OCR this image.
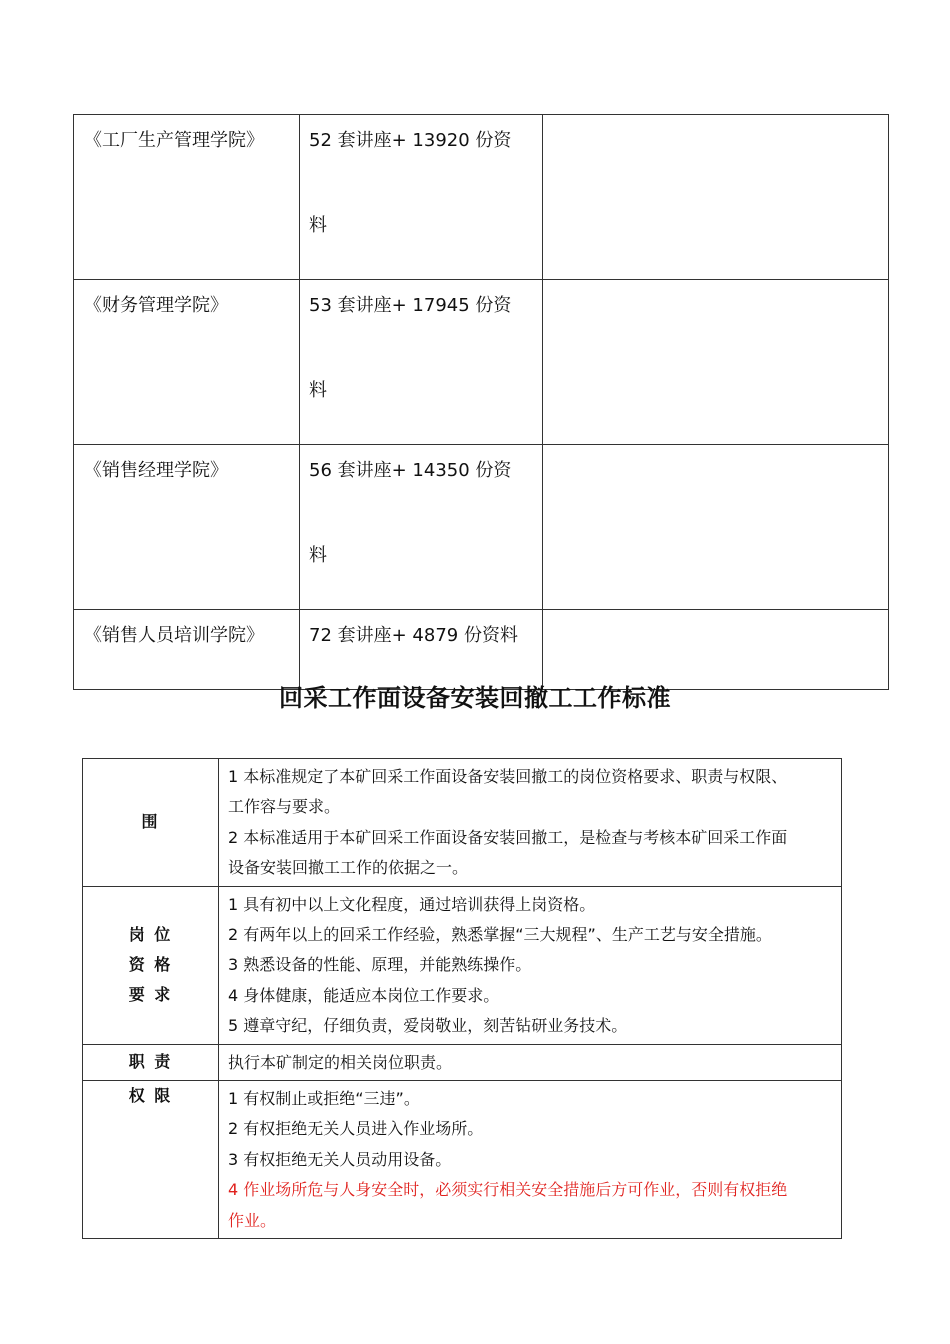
《工厂生产管理学院》	52 套讲座+ 13920 份资
料	

《财务管理学院》	53 套讲座+ 17945 份资
料	

《销售经理学院》	56 套讲座+ 14350 份资
料	

《销售人员培训学院》	72 套讲座+ 4879 份资料	
回采工作面设备安装回撤工工作标准
围	1 本标准规定了本矿回采工作面设备安装回撤工的岗位资格要求、职责与权限、
工作容与要求。
2 本标准适用于本矿回采工作面设备安装回撤工，是检查与考核本矿回采工作面
设备安装回撤工工作的依据之一。

岗 位
资 格
要 求	1 具有初中以上文化程度，通过培训获得上岗资格。
2 有两年以上的回采工作经验，熟悉掌握“三大规程”、生产工艺与安全措施。
3 熟悉设备的性能、原理，并能熟练操作。
4 身体健康，能适应本岗位工作要求。
5 遵章守纪，仔细负责，爱岗敬业，刻苦钻研业务技术。

职 责	执行本矿制定的相关岗位职责。

权 限	1 有权制止或拒绝“三违”。
2 有权拒绝无关人员进入作业场所。
3 有权拒绝无关人员动用设备。
4 作业场所危与人身安全时，必须实行相关安全措施后方可作业，否则有权拒绝
作业。
